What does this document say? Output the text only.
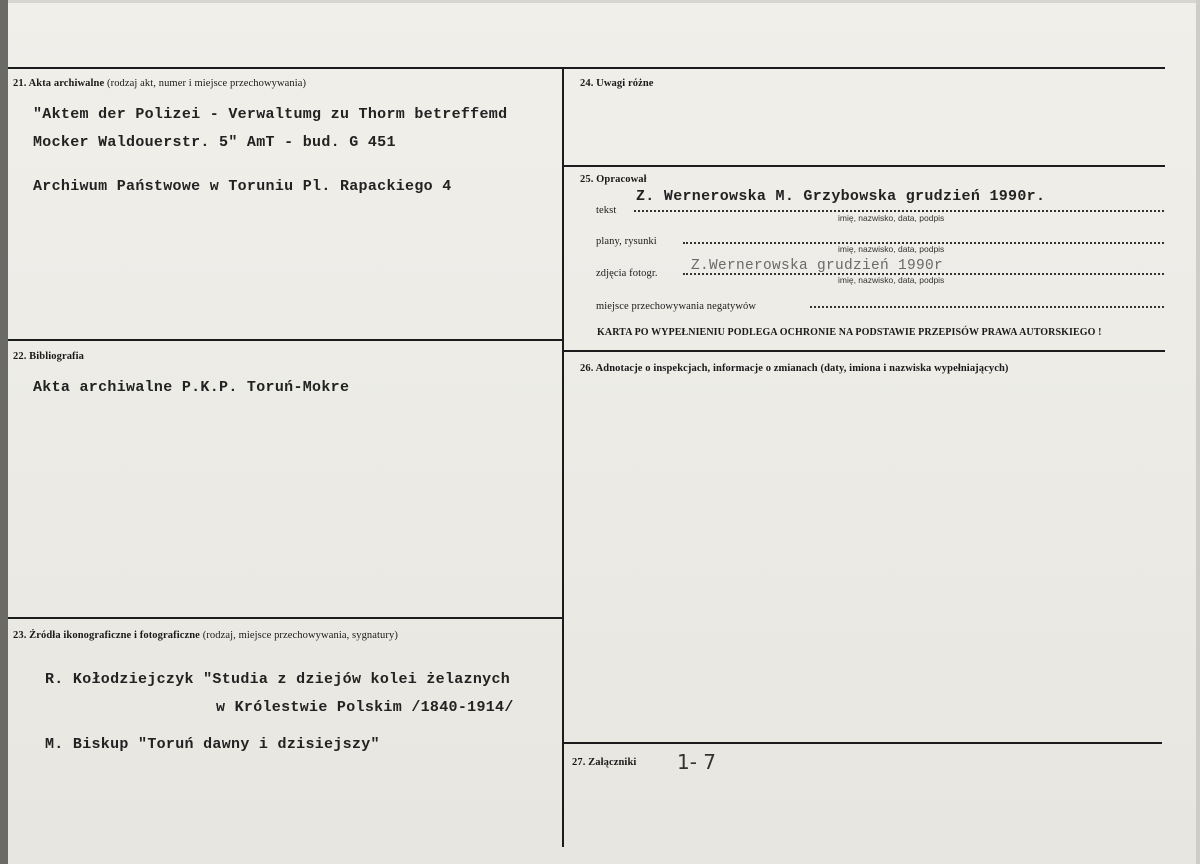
21. Akta archiwalne (rodzaj akt, numer i miejsce przechowywania)
"Aktem der Polizei - Verwaltumg zu Thorm betreffemd
Mocker Waldouerstr. 5" AmT - bud. G 451
Archiwum Państwowe w Toruniu Pl. Rapackiego 4
22. Bibliografia
Akta archiwalne P.K.P. Toruń-Mokre
23. Źródła ikonograficzne i fotograficzne (rodzaj, miejsce przechowywania, sygnatury)
R. Kołodziejczyk "Studia z dziejów kolei żelaznych
w Królestwie Polskim /1840-1914/
M. Biskup "Toruń dawny i dzisiejszy"
24. Uwagi różne
25. Opracował
tekst
Z. Wernerowska M. Grzybowska grudzień 1990r.
imię, nazwisko, data, podpis
plany, rysunki
imię, nazwisko, data, podpis
zdjęcia fotogr. Z.Wernerowska grudzień 1990r
imię, nazwisko, data, podpis
miejsce przechowywania negatywów
KARTA PO WYPEŁNIENIU PODLEGA OCHRONIE NA PODSTAWIE PRZEPISÓW PRAWA AUTORSKIEGO !
26. Adnotacje o inspekcjach, informacje o zmianach (daty, imiona i nazwiska wypełniających)
27. Załączniki 1- 7
